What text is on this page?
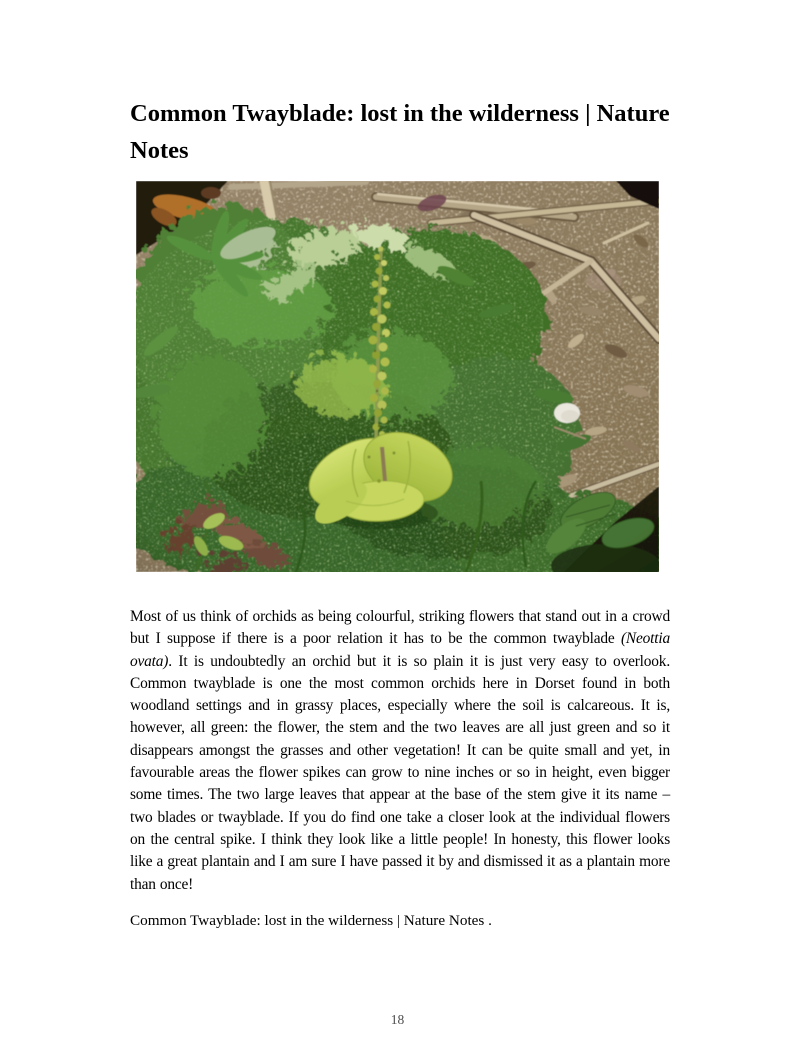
Common Twayblade: lost in the wilderness | Nature Notes

Most of us think of orchids as being colourful, striking flowers that stand out in a crowd but I suppose if there is a poor relation it has to be the common twayblade (Neottia ovata). It is undoubtedly an orchid but it is so plain it is just very easy to overlook. Common twayblade is one the most common orchids here in Dorset found in both woodland settings and in grassy places, especially where the soil is calcareous. It is, however, all green: the flower, the stem and the two leaves are all just green and so it disappears amongst the grasses and other vegetation! It can be quite small and yet, in favourable areas the flower spikes can grow to nine inches or so in height, even bigger some times. The two large leaves that appear at the base of the stem give it its name – two blades or twayblade. If you do find one take a closer look at the individual flowers on the central spike. I think they look like a little people! In honesty, this flower looks like a great plantain and I am sure I have passed it by and dismissed it as a plantain more than once!

Common Twayblade: lost in the wilderness | Nature Notes .

18
